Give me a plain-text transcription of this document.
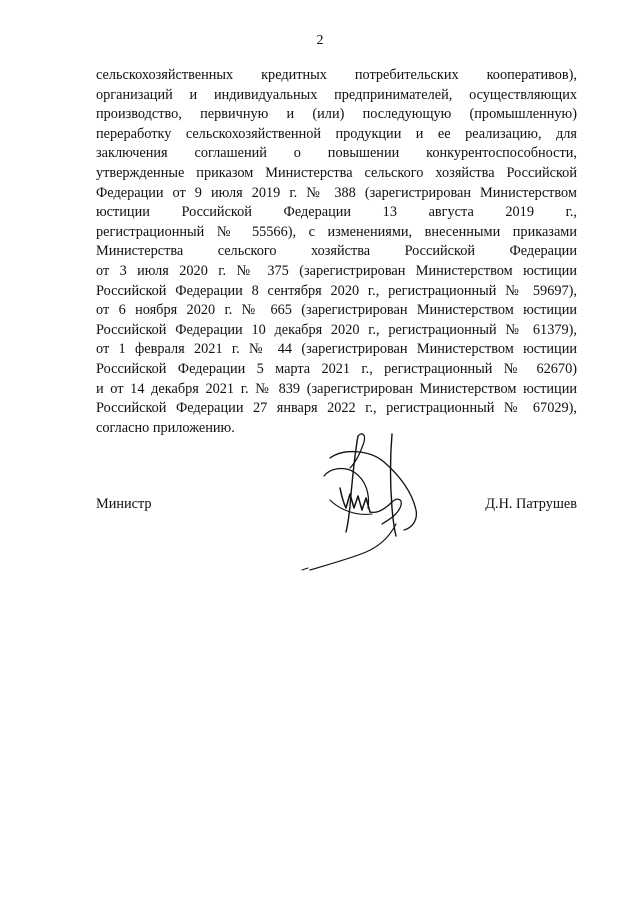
2
сельскохозяйственных кредитных потребительских кооперативов),
организаций и индивидуальных предпринимателей, осуществляющих
производство, первичную и (или) последующую (промышленную)
переработку сельскохозяйственной продукции и ее реализацию, для
заключения соглашений о повышении конкурентоспособности,
утвержденные приказом Министерства сельского хозяйства Российской
Федерации от 9 июля 2019 г. № 388 (зарегистрирован Министерством
юстиции Российской Федерации 13 августа 2019 г.,
регистрационный № 55566), с изменениями, внесенными приказами
Министерства сельского хозяйства Российской Федерации
от 3 июля 2020 г. № 375 (зарегистрирован Министерством юстиции
Российской Федерации 8 сентября 2020 г., регистрационный № 59697),
от 6 ноября 2020 г. № 665 (зарегистрирован Министерством юстиции
Российской Федерации 10 декабря 2020 г., регистрационный № 61379),
от 1 февраля 2021 г. № 44 (зарегистрирован Министерством юстиции
Российской Федерации 5 марта 2021 г., регистрационный № 62670)
и от 14 декабря 2021 г. № 839 (зарегистрирован Министерством юстиции
Российской Федерации 27 января 2022 г., регистрационный № 67029),
согласно приложению.
Министр	Д.Н. Патрушев
